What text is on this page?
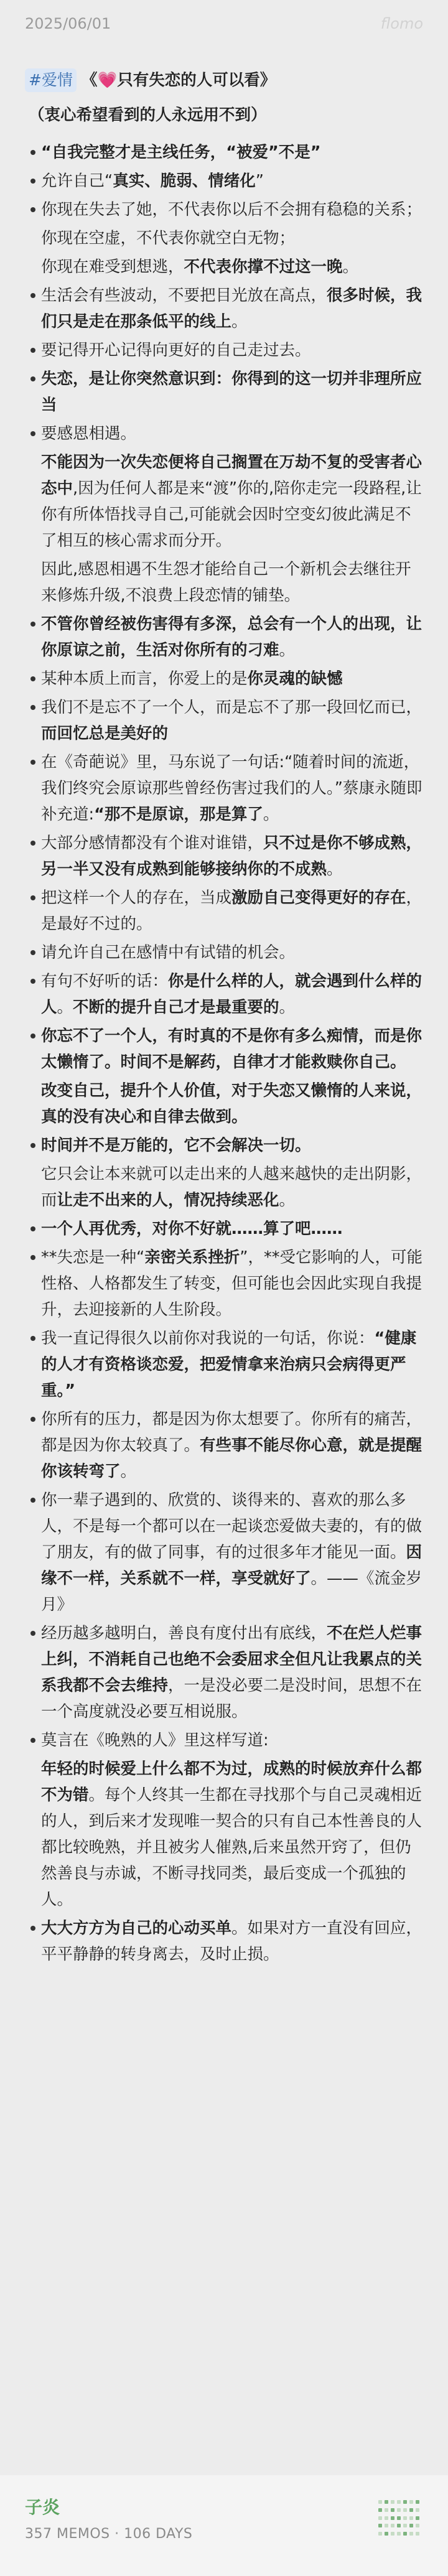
2025/06/01	flomo
#爱情 《💗只有失恋的人可以看》
（衷心希望看到的人永远用不到）

“自我完整才是主线任务，“被爱”不是”

允许自己“真实、脆弱、情绪化”

你现在失去了她，不代表你以后不会拥有稳稳的关系；

你现在空虚，不代表你就空白无物；

你现在难受到想逃，不代表你撑不过这一晚。

生活会有些波动，不要把目光放在高点，很多时候，我们只是走在那条低平的线上。

要记得开心记得向更好的自己走过去。

失恋，是让你突然意识到：你得到的这一切并非理所应当

要感恩相遇。

不能因为一次失恋便将自己搁置在万劫不复的受害者心态中,因为任何人都是来“渡”你的,陪你走完一段路程,让你有所体悟找寻自己,可能就会因时空变幻彼此满足不了相互的核心需求而分开。

因此,感恩相遇不生怨才能给自己一个新机会去继往开来修炼升级,不浪费上段恋情的铺垫。

不管你曾经被伤害得有多深，总会有一个人的出现，让你原谅之前，生活对你所有的刁难。

某种本质上而言，你爱上的是你灵魂的缺憾

我们不是忘不了一个人，而是忘不了那一段回忆而已，而回忆总是美好的

在《奇葩说》里，马东说了一句话:“随着时间的流逝，我们终究会原谅那些曾经伤害过我们的人。”蔡康永随即补充道:“那不是原谅，那是算了。

大部分感情都没有个谁对谁错，只不过是你不够成熟，另一半又没有成熟到能够接纳你的不成熟。

把这样一个人的存在，当成激励自己变得更好的存在，是最好不过的。

请允许自己在感情中有试错的机会。

有句不好听的话：你是什么样的人，就会遇到什么样的人。不断的提升自己才是最重要的。

你忘不了一个人，有时真的不是你有多么痴情，而是你太懒惰了。时间不是解药，自律才才能救赎你自己。

改变自己，提升个人价值，对于失恋又懒惰的人来说，真的没有决心和自律去做到。

时间并不是万能的，它不会解决一切。

它只会让本来就可以走出来的人越来越快的走出阴影，而让走不出来的人，情况持续恶化。

一个人再优秀，对你不好就……算了吧……

**失恋是一种“亲密关系挫折”，**受它影响的人，可能性格、人格都发生了转变，但可能也会因此实现自我提升，去迎接新的人生阶段。

我一直记得很久以前你对我说的一句话，你说：“健康的人才有资格谈恋爱，把爱情拿来治病只会病得更严重。”

你所有的压力，都是因为你太想要了。你所有的痛苦，都是因为你太较真了。有些事不能尽你心意，就是提醒你该转弯了。

你一辈子遇到的、欣赏的、谈得来的、喜欢的那么多人，不是每一个都可以在一起谈恋爱做夫妻的，有的做了朋友，有的做了同事，有的过很多年才能见一面。因缘不一样，关系就不一样，享受就好了。——《流金岁月》

经历越多越明白，善良有度付出有底线，不在烂人烂事上纠，不消耗自己也绝不会委屈求全但凡让我累点的关系我都不会去维持，一是没必要二是没时间，思想不在一个高度就没必要互相说服。

莫言在《晚熟的人》里这样写道:

年轻的时候爱上什么都不为过，成熟的时候放弃什么都不为错。每个人终其一生都在寻找那个与自己灵魂相近的人，到后来才发现唯一契合的只有自己本性善良的人都比较晚熟，并且被劣人催熟,后来虽然开窍了，但仍然善良与赤诚，不断寻找同类，最后变成一个孤独的人。

大大方方为自己的心动买单。如果对方一直没有回应，平平静静的转身离去，及时止损。

子炎
357 MEMOS · 106 DAYS
